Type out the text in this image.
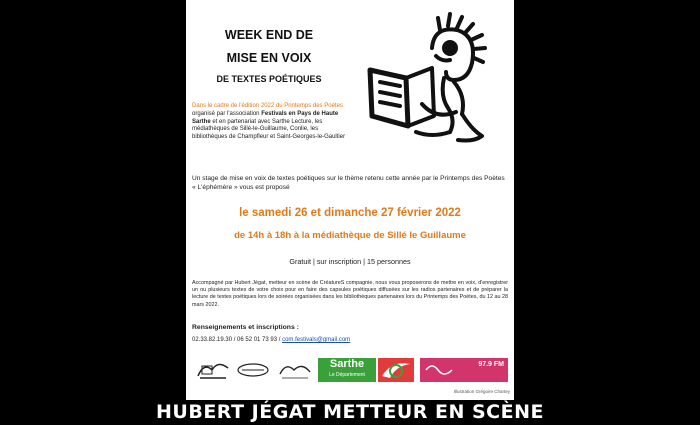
WEEK END DE
MISE EN VOIX
DE TEXTES POÉTIQUES
Dans le cadre de l'édition 2022 du Printemps des Poètes organisé par l'association Festivals en Pays de Haute Sarthe et en partenariat avec Sarthe Lecture, les médiathèques de Sillé-le-Guillaume, Conlie, les bibliothèques de Champfleur et Saint-Georges-le-Gaultier
Un stage de mise en voix de textes poétiques sur le thème retenu cette année par le Printemps des Poètes « L'éphémère » vous est proposé
le samedi 26 et dimanche 27 février 2022
de 14h à 18h à la médiathèque de Sillé le Guillaume
Gratuit | sur inscription | 15 personnes
Accompagné par Hubert Jégat, metteur en scène de CréatureS compagnie, nous vous proposerons de mettre en voix, d'enregistrer un ou plusieurs textes de votre choix pour en faire des capsules poétiques diffusées sur les radios partenaires et de préparer la lecture de textes poétiques lors de soirées organisées dans les bibliothèques partenaires lors du Printemps des Poètes, du 12 au 28 mars 2022.
Renseignements et inscriptions :
02.33.82.19.30 / 06 52 01 73 93 / com.festivals@gmail.com
Sarthe
Le Département
97.9 FM
Illustration Grégoire Chartey
HUBERT JÉGAT METTEUR EN SCÈNE
